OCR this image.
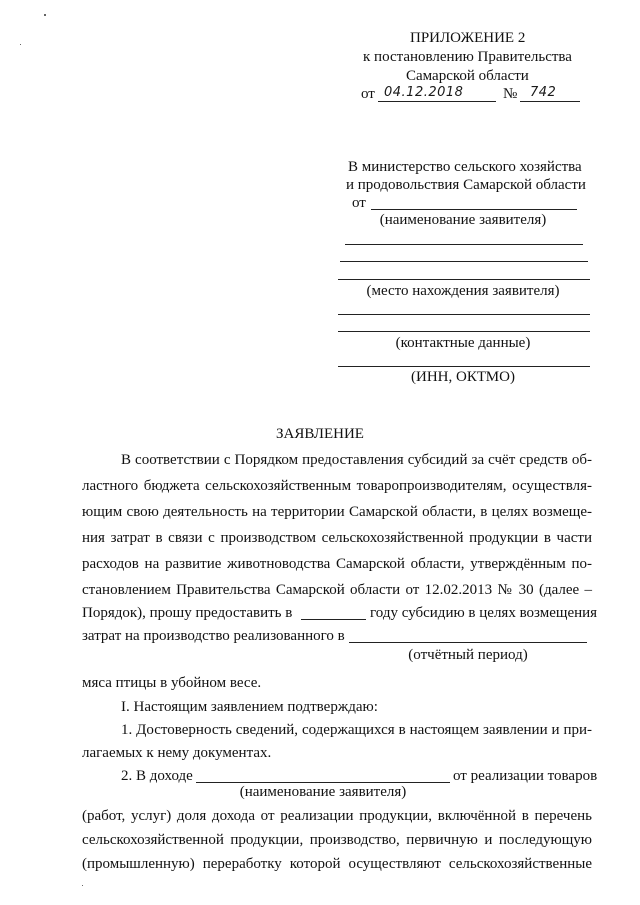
ПРИЛОЖЕНИЕ 2
к постановлению Правительства
Самарской области
от 04.12.2018	№ 742
В министерство сельского хозяйства
и продовольствия Самарской области
от
(наименование заявителя)
(место нахождения заявителя)
(контактные данные)
(ИНН, ОКТМО)
ЗАЯВЛЕНИЕ
В соответствии с Порядком предоставления субсидий за счёт средств об-
ластного бюджета сельскохозяйственным товаропроизводителям, осуществля-
ющим свою деятельность на территории Самарской области, в целях возмеще-
ния затрат в связи с производством сельскохозяйственной продукции в части
расходов на развитие животноводства Самарской области, утверждённым по-
становлением Правительства Самарской области от 12.02.2013 № 30 (далее –
Порядок), прошу предоставить в	году субсидию в целях возмещения
затрат на производство реализованного в
(отчётный период)
мяса птицы в убойном весе.
I. Настоящим заявлением подтверждаю:
1. Достоверность сведений, содержащихся в настоящем заявлении и при-
лагаемых к нему документах.
2. В доходе	от реализации товаров
(наименование заявителя)
(работ, услуг) доля дохода от реализации продукции, включённой в перечень
сельскохозяйственной продукции, производство, первичную и последующую
(промышленную) переработку которой осуществляют сельскохозяйственные
